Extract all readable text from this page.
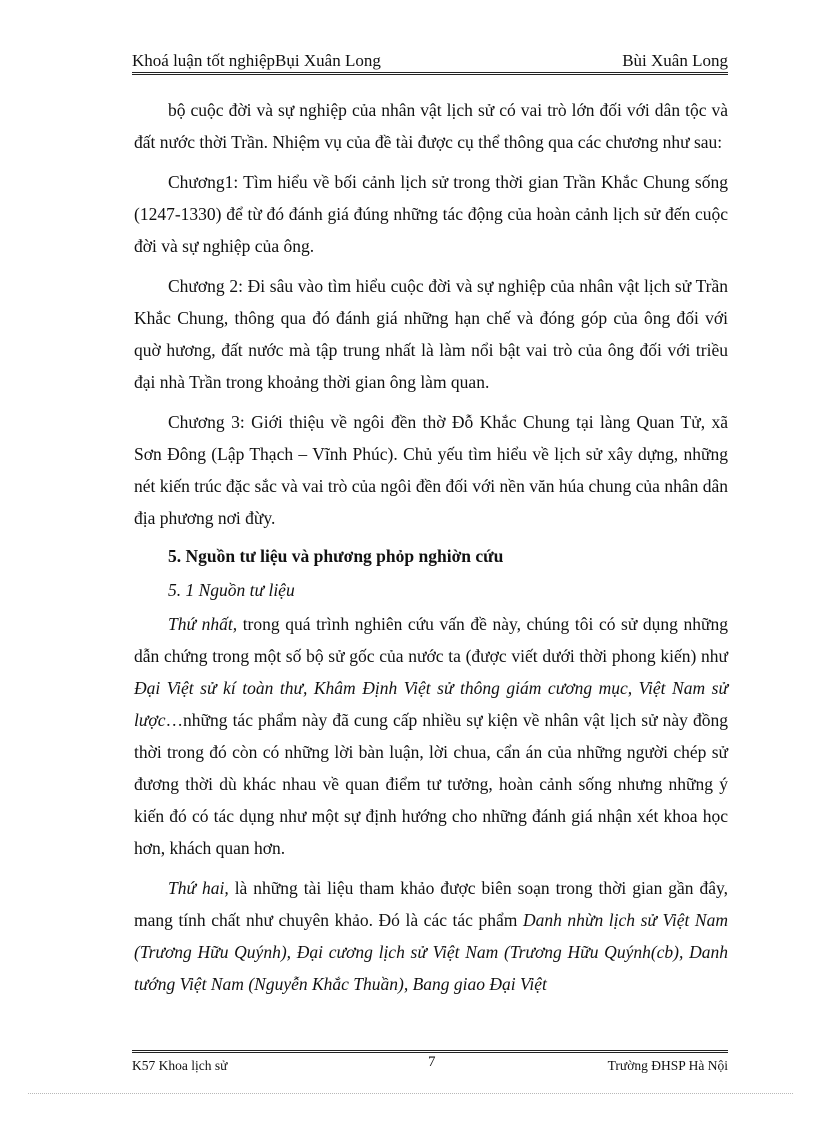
Khoá luận tốt nghiệpBụi Xuân Long	Bùi Xuân Long

bộ cuộc đời và sự nghiệp của nhân vật lịch sử có vai trò lớn đối với dân tộc và đất nước thời Trần. Nhiệm vụ của đề tài được cụ thể thông qua các chương như sau:

Chương1: Tìm hiểu về bối cảnh lịch sử trong thời gian Trần Khắc Chung sống (1247-1330) để từ đó đánh giá đúng những tác động của hoàn cảnh lịch sử đến cuộc đời và sự nghiệp của ông.

Chương 2: Đi sâu vào tìm hiểu cuộc đời và sự nghiệp của nhân vật lịch sử Trần Khắc Chung, thông qua đó đánh giá những hạn chế và đóng góp của ông đối với quờ hương, đất nước mà tập trung nhất là làm nổi bật vai trò của ông đối với triều đại nhà Trần trong khoảng thời gian ông làm quan.

Chương 3: Giới thiệu về ngôi đền thờ Đỗ Khắc Chung tại làng Quan Tử, xã Sơn Đông (Lập Thạch – Vĩnh Phúc). Chủ yếu tìm hiểu về lịch sử xây dựng, những nét kiến trúc đặc sắc và vai trò của ngôi đền đối với nền văn húa chung của nhân dân địa phương nơi đừy.

5. Nguồn tư liệu và phương phỏp nghiờn cứu

5. 1 Nguồn tư liệu

Thứ nhất, trong quá trình nghiên cứu vấn đề này, chúng tôi có sử dụng những dẫn chứng trong một số bộ sử gốc của nước ta (được viết dưới thời phong kiến) như Đại Việt sử kí toàn thư, Khâm Định Việt sử thông giám cương mục, Việt Nam sử lược…những tác phẩm này đã cung cấp nhiều sự kiện về nhân vật lịch sử này đồng thời trong đó còn có những lời bàn luận, lời chua, cẩn án của những người chép sử đương thời dù khác nhau về quan điểm tư tưởng, hoàn cảnh sống nhưng những ý kiến đó có tác dụng như một sự định hướng cho những đánh giá nhận xét khoa học hơn, khách quan hơn.

Thứ hai, là những tài liệu tham khảo được biên soạn trong thời gian gần đây, mang tính chất như chuyên khảo. Đó là các tác phẩm Danh nhừn lịch sử Việt Nam (Trương Hữu Quýnh), Đại cương lịch sử Việt Nam (Trương Hữu Quýnh(cb), Danh tướng Việt Nam (Nguyễn Khắc Thuần), Bang giao Đại Việt

K57 Khoa lịch sử	7	Trường ĐHSP Hà Nội
